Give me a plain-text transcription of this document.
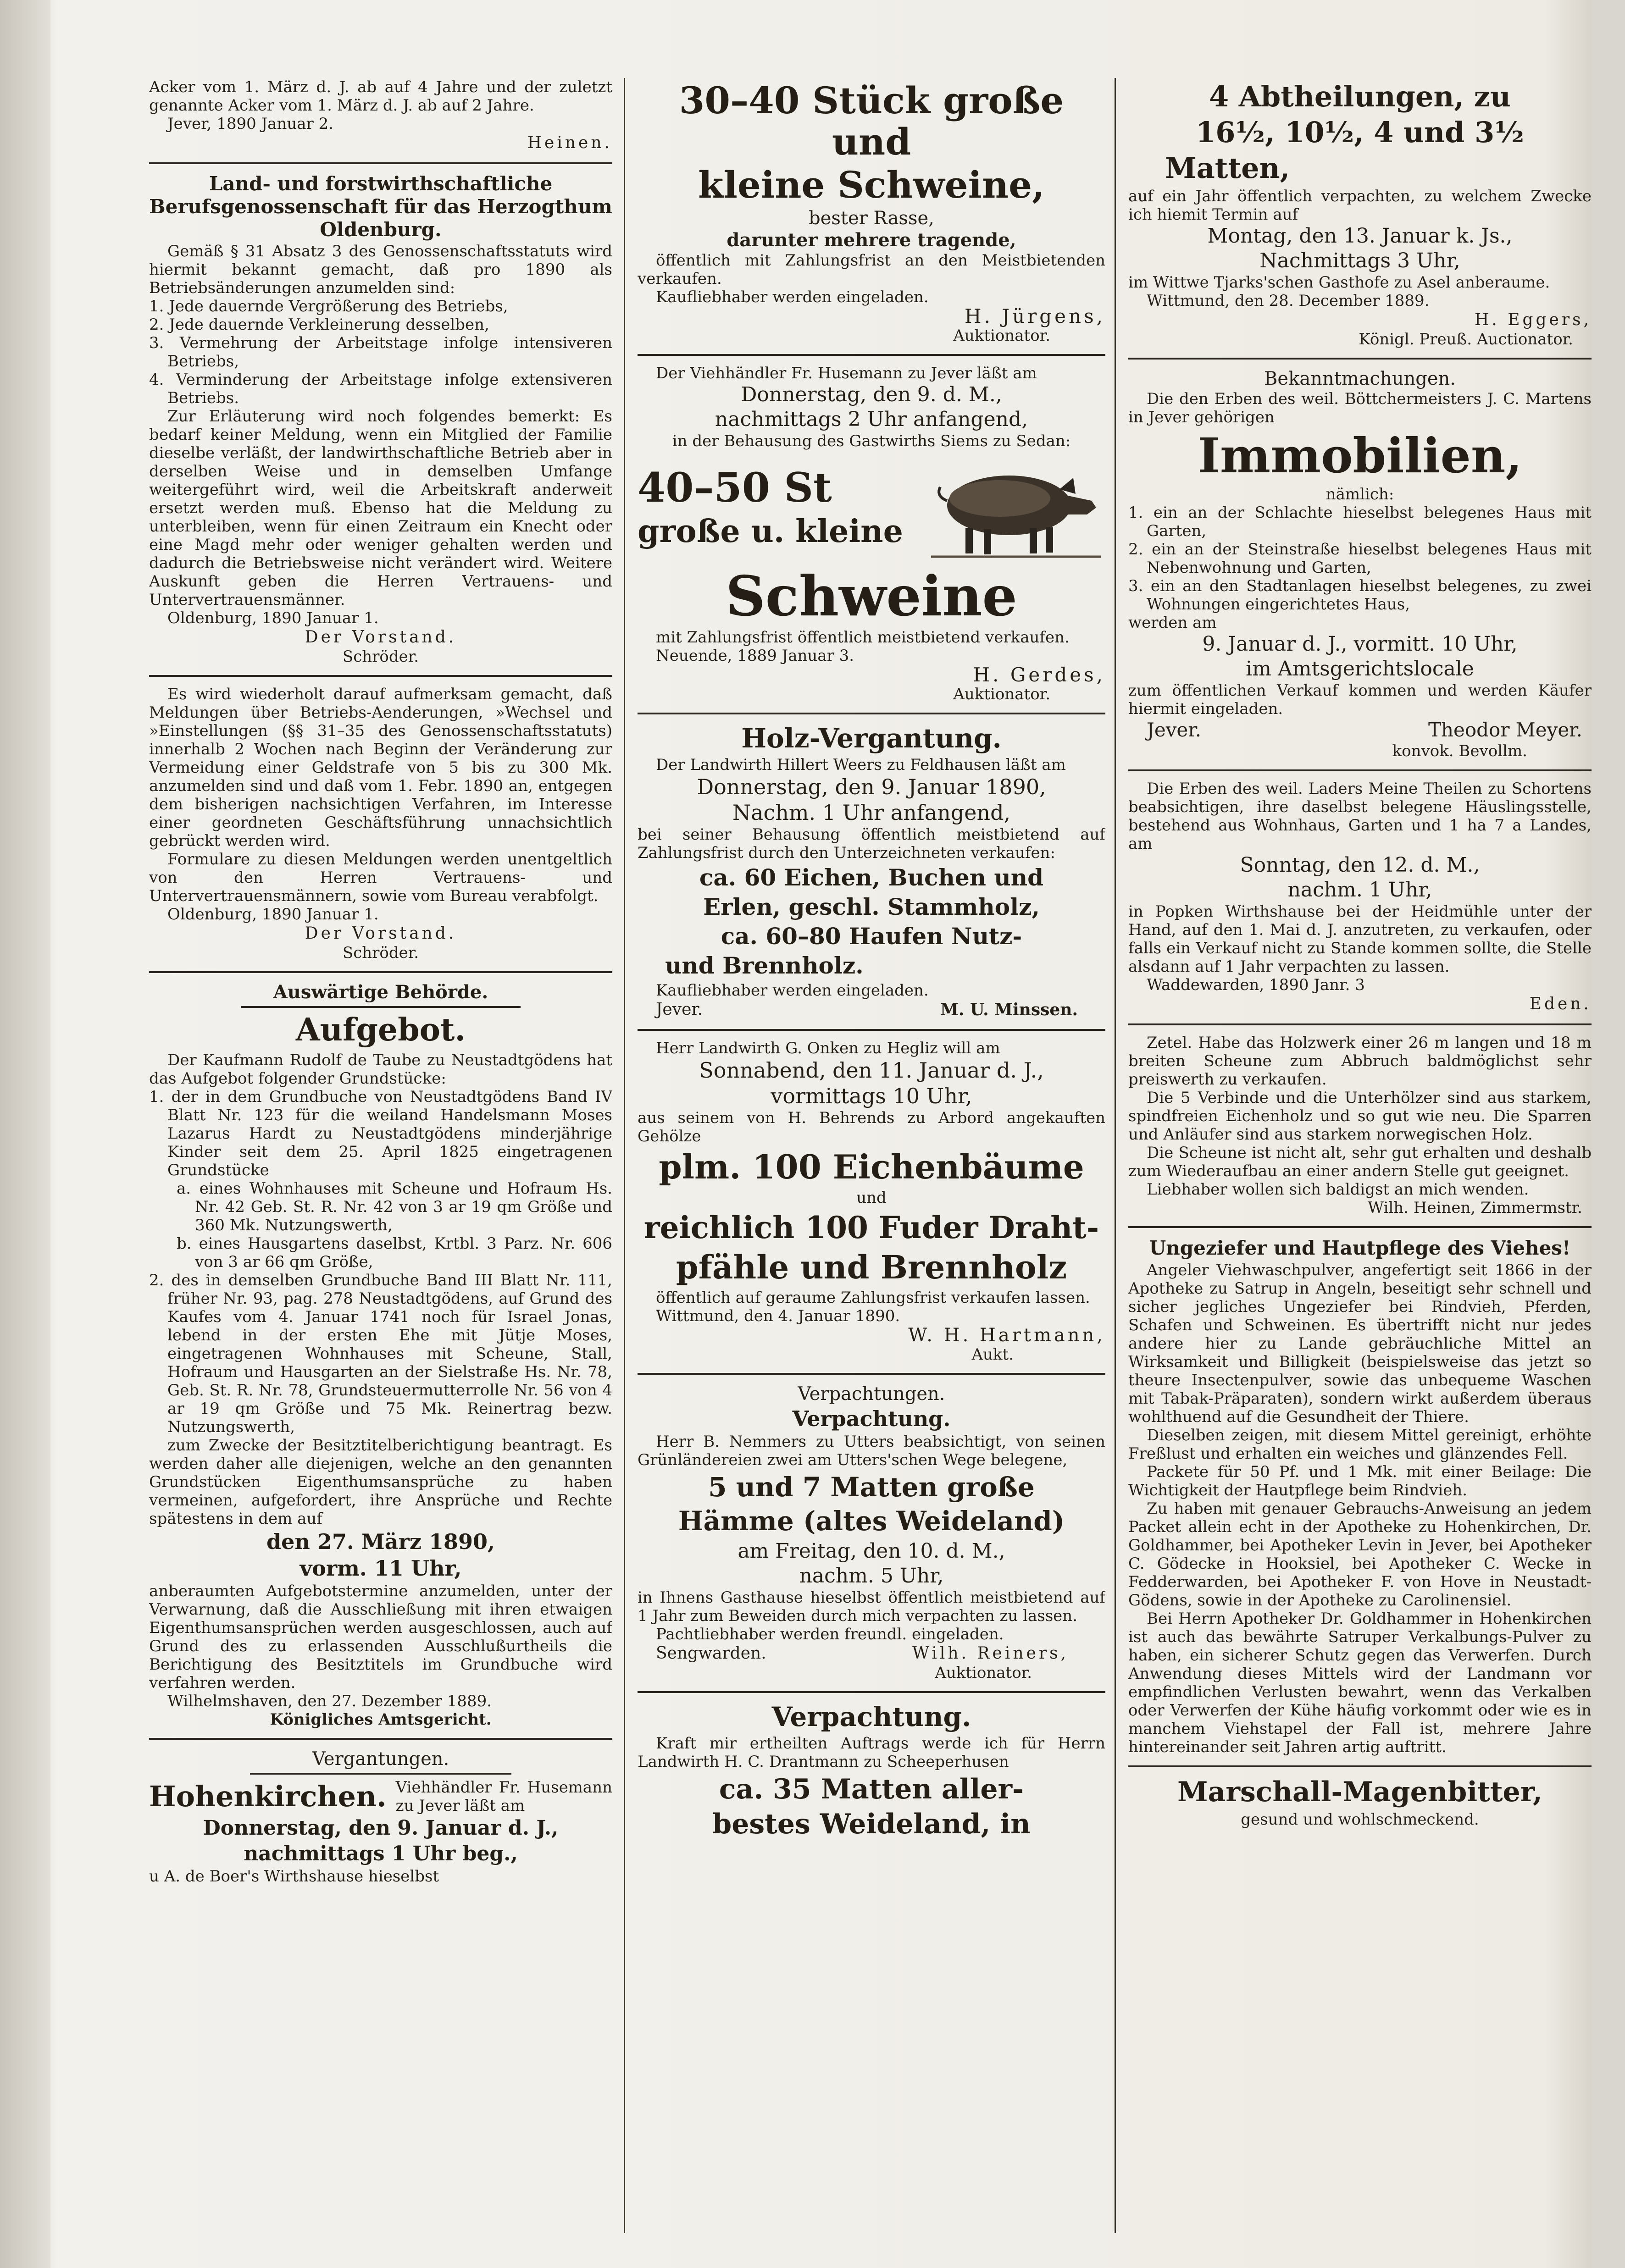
Acker vom 1. März d. J. ab auf 4 Jahre und der zuletzt genannte Acker vom 1. März d. J. ab auf 2 Jahre.

Jever, 1890 Januar 2.

Heinen.

Land- und forstwirthschaftliche Berufsgenossenschaft für das Herzogthum Oldenburg.

Gemäß § 31 Absatz 3 des Genossenschaftsstatuts wird hiermit bekannt gemacht, daß pro 1890 als Betriebsänderungen anzumelden sind:

1. Jede dauernde Vergrößerung des Betriebs,

2. Jede dauernde Verkleinerung desselben,

3. Vermehrung der Arbeitstage infolge intensiveren Betriebs,

4. Verminderung der Arbeitstage infolge extensiveren Betriebs.

Zur Erläuterung wird noch folgendes bemerkt: Es bedarf keiner Meldung, wenn ein Mitglied der Familie dieselbe verläßt, der landwirthschaftliche Betrieb aber in derselben Weise und in demselben Umfange weitergeführt wird, weil die Arbeitskraft anderweit ersetzt werden muß. Ebenso hat die Meldung zu unterbleiben, wenn für einen Zeitraum ein Knecht oder eine Magd mehr oder weniger gehalten werden und dadurch die Betriebsweise nicht verändert wird. Weitere Auskunft geben die Herren Vertrauens- und Untervertrauensmänner.

Oldenburg, 1890 Januar 1.

Der Vorstand.

Schröder.

Es wird wiederholt darauf aufmerksam gemacht, daß Meldungen über Betriebs-Aenderungen, »Wechsel und »Einstellungen (§§ 31–35 des Genossenschaftsstatuts) innerhalb 2 Wochen nach Beginn der Veränderung zur Vermeidung einer Geldstrafe von 5 bis zu 300 Mk. anzumelden sind und daß vom 1. Febr. 1890 an, entgegen dem bisherigen nachsichtigen Verfahren, im Interesse einer geordneten Geschäftsführung unnachsichtlich gebrückt werden wird.

Formulare zu diesen Meldungen werden unentgeltlich von den Herren Vertrauens- und Untervertrauensmännern, sowie vom Bureau verabfolgt.

Oldenburg, 1890 Januar 1.

Der Vorstand.

Schröder.

Auswärtige Behörde.

Aufgebot.

Der Kaufmann Rudolf de Taube zu Neustadtgödens hat das Aufgebot folgender Grundstücke:

1. der in dem Grundbuche von Neustadtgödens Band IV Blatt Nr. 123 für die weiland Handelsmann Moses Lazarus Hardt zu Neustadtgödens minderjährige Kinder seit dem 25. April 1825 eingetragenen Grundstücke

a. eines Wohnhauses mit Scheune und Hofraum Hs. Nr. 42 Geb. St. R. Nr. 42 von 3 ar 19 qm Größe und 360 Mk. Nutzungswerth,

b. eines Hausgartens daselbst, Krtbl. 3 Parz. Nr. 606 von 3 ar 66 qm Größe,

2. des in demselben Grundbuche Band III Blatt Nr. 111, früher Nr. 93, pag. 278 Neustadtgödens, auf Grund des Kaufes vom 4. Januar 1741 noch für Israel Jonas, lebend in der ersten Ehe mit Jütje Moses, eingetragenen Wohnhauses mit Scheune, Stall, Hofraum und Hausgarten an der Sielstraße Hs. Nr. 78, Geb. St. R. Nr. 78, Grundsteuermutterrolle Nr. 56 von 4 ar 19 qm Größe und 75 Mk. Reinertrag bezw. Nutzungswerth,

zum Zwecke der Besitztitelberichtigung beantragt. Es werden daher alle diejenigen, welche an den genannten Grundstücken Eigenthumsansprüche zu haben vermeinen, aufgefordert, ihre Ansprüche und Rechte spätestens in dem auf

den 27. März 1890,

vorm. 11 Uhr,

anberaumten Aufgebotstermine anzumelden, unter der Verwarnung, daß die Ausschließung mit ihren etwaigen Eigenthumsansprüchen werden ausgeschlossen, auch auf Grund des zu erlassenden Ausschlußurtheils die Berichtigung des Besitztitels im Grundbuche wird verfahren werden.

Wilhelmshaven, den 27. Dezember 1889.

Königliches Amtsgericht.

Vergantungen.

Hohenkirchen. Viehhändler Fr. Husemann zu Jever läßt am

Donnerstag, den 9. Januar d. J.,

nachmittags 1 Uhr beg.,

u A. de Boer's Wirthshause hieselbst

30–40 Stück große und

kleine Schweine,

bester Rasse,

darunter mehrere tragende,

öffentlich mit Zahlungsfrist an den Meistbietenden verkaufen.

Kaufliebhaber werden eingeladen.

H. Jürgens,

Auktionator.

Der Viehhändler Fr. Husemann zu Jever läßt am

Donnerstag, den 9. d. M.,

nachmittags 2 Uhr anfangend,

in der Behausung des Gastwirths Siems zu Sedan:

40–50 St

große u. kleine

Schweine

mit Zahlungsfrist öffentlich meistbietend verkaufen.

Neuende, 1889 Januar 3.

H. Gerdes,

Auktionator.

Holz-Vergantung.

Der Landwirth Hillert Weers zu Feldhausen läßt am

Donnerstag, den 9. Januar 1890,

Nachm. 1 Uhr anfangend,

bei seiner Behausung öffentlich meistbietend auf Zahlungsfrist durch den Unterzeichneten verkaufen:

ca. 60 Eichen, Buchen und

Erlen, geschl. Stammholz,

ca. 60–80 Haufen Nutz-

und Brennholz.

Kaufliebhaber werden eingeladen.

Jever.	M. U. Minssen.

Herr Landwirth G. Onken zu Hegliz will am

Sonnabend, den 11. Januar d. J.,

vormittags 10 Uhr,

aus seinem von H. Behrends zu Arbord angekauften Gehölze

plm. 100 Eichenbäume

und

reichlich 100 Fuder Draht-

pfähle und Brennholz

öffentlich auf geraume Zahlungsfrist verkaufen lassen.

Wittmund, den 4. Januar 1890.

W. H. Hartmann,

Aukt.

Verpachtungen.

Verpachtung.

Herr B. Nemmers zu Utters beabsichtigt, von seinen Grünländereien zwei am Utters'schen Wege belegene,

5 und 7 Matten große

Hämme (altes Weideland)

am Freitag, den 10. d. M.,

nachm. 5 Uhr,

in Ihnens Gasthause hieselbst öffentlich meistbietend auf 1 Jahr zum Beweiden durch mich verpachten zu lassen.

Pachtliebhaber werden freundl. eingeladen.

Sengwarden.	Wilh. Reiners,

Auktionator.

Verpachtung.

Kraft mir ertheilten Auftrags werde ich für Herrn Landwirth H. C. Drantmann zu Scheeperhusen

ca. 35 Matten aller-

bestes Weideland, in

4 Abtheilungen, zu

16½, 10½, 4 und 3½

Matten,

auf ein Jahr öffentlich verpachten, zu welchem Zwecke ich hiemit Termin auf

Montag, den 13. Januar k. Js.,

Nachmittags 3 Uhr,

im Wittwe Tjarks'schen Gasthofe zu Asel anberaume.

Wittmund, den 28. December 1889.

H. Eggers,

Königl. Preuß. Auctionator.

Bekanntmachungen.

Die den Erben des weil. Böttchermeisters J. C. Martens in Jever gehörigen

Immobilien,

nämlich:

1. ein an der Schlachte hieselbst belegenes Haus mit Garten,

2. ein an der Steinstraße hieselbst belegenes Haus mit Nebenwohnung und Garten,

3. ein an den Stadtanlagen hieselbst belegenes, zu zwei Wohnungen eingerichtetes Haus,

werden am

9. Januar d. J., vormitt. 10 Uhr,

im Amtsgerichtslocale

zum öffentlichen Verkauf kommen und werden Käufer hiermit eingeladen.

Jever.	Theodor Meyer.

konvok. Bevollm.

Die Erben des weil. Laders Meine Theilen zu Schortens beabsichtigen, ihre daselbst belegene Häuslingsstelle, bestehend aus Wohnhaus, Garten und 1 ha 7 a Landes, am

Sonntag, den 12. d. M.,

nachm. 1 Uhr,

in Popken Wirthshause bei der Heidmühle unter der Hand, auf den 1. Mai d. J. anzutreten, zu verkaufen, oder falls ein Verkauf nicht zu Stande kommen sollte, die Stelle alsdann auf 1 Jahr verpachten zu lassen.

Waddewarden, 1890 Janr. 3

Eden.

Zetel. Habe das Holzwerk einer 26 m langen und 18 m breiten Scheune zum Abbruch baldmöglichst sehr preiswerth zu verkaufen.

Die 5 Verbinde und die Unterhölzer sind aus starkem, spindfreien Eichenholz und so gut wie neu. Die Sparren und Anläufer sind aus starkem norwegischen Holz.

Die Scheune ist nicht alt, sehr gut erhalten und deshalb zum Wiederaufbau an einer andern Stelle gut geeignet.

Liebhaber wollen sich baldigst an mich wenden.

Wilh. Heinen, Zimmermstr.

Ungeziefer und Hautpflege des Viehes!

Angeler Viehwaschpulver, angefertigt seit 1866 in der Apotheke zu Satrup in Angeln, beseitigt sehr schnell und sicher jegliches Ungeziefer bei Rindvieh, Pferden, Schafen und Schweinen. Es übertrifft nicht nur jedes andere hier zu Lande gebräuchliche Mittel an Wirksamkeit und Billigkeit (beispielsweise das jetzt so theure Insectenpulver, sowie das unbequeme Waschen mit Tabak-Präparaten), sondern wirkt außerdem überaus wohlthuend auf die Gesundheit der Thiere.

Dieselben zeigen, mit diesem Mittel gereinigt, erhöhte Freßlust und erhalten ein weiches und glänzendes Fell.

Packete für 50 Pf. und 1 Mk. mit einer Beilage: Die Wichtigkeit der Hautpflege beim Rindvieh.

Zu haben mit genauer Gebrauchs-Anweisung an jedem Packet allein echt in der Apotheke zu Hohenkirchen, Dr. Goldhammer, bei Apotheker Levin in Jever, bei Apotheker C. Gödecke in Hooksiel, bei Apotheker C. Wecke in Fedderwarden, bei Apotheker F. von Hove in Neustadt-Gödens, sowie in der Apotheke zu Carolinensiel.

Bei Herrn Apotheker Dr. Goldhammer in Hohenkirchen ist auch das bewährte Satruper Verkalbungs-Pulver zu haben, ein sicherer Schutz gegen das Verwerfen. Durch Anwendung dieses Mittels wird der Landmann vor empfindlichen Verlusten bewahrt, wenn das Verkalben oder Verwerfen der Kühe häufig vorkommt oder wie es in manchem Viehstapel der Fall ist, mehrere Jahre hintereinander seit Jahren artig auftritt.

Marschall-Magenbitter,

gesund und wohlschmeckend.
